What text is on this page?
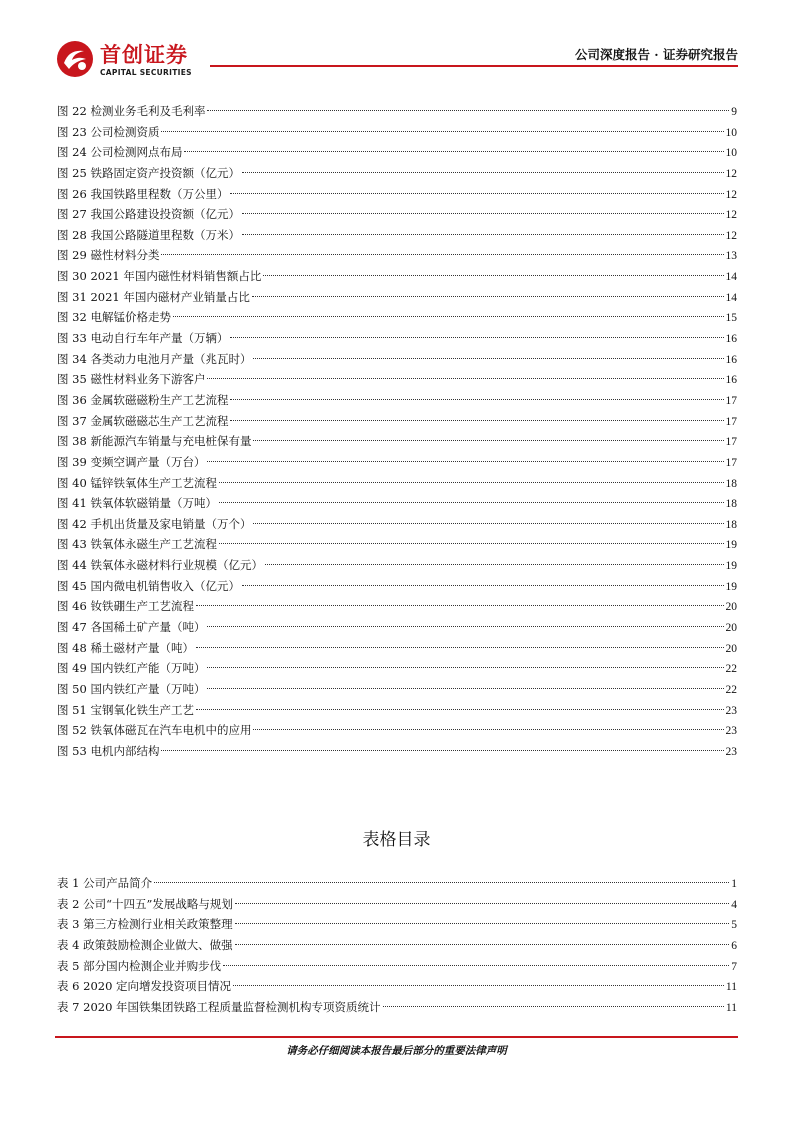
首创证券
CAPITAL SECURITIES
公司深度报告 · 证券研究报告
图 22 检测业务毛利及毛利率	9
图 23 公司检测资质	10
图 24 公司检测网点布局	10
图 25 铁路固定资产投资额（亿元）	12
图 26 我国铁路里程数（万公里）	12
图 27 我国公路建设投资额（亿元）	12
图 28 我国公路隧道里程数（万米）	12
图 29 磁性材料分类	13
图 30 2021 年国内磁性材料销售额占比	14
图 31 2021 年国内磁材产业销量占比	14
图 32 电解锰价格走势	15
图 33 电动自行车年产量（万辆）	16
图 34 各类动力电池月产量（兆瓦时）	16
图 35 磁性材料业务下游客户	16
图 36 金属软磁磁粉生产工艺流程	17
图 37 金属软磁磁芯生产工艺流程	17
图 38 新能源汽车销量与充电桩保有量	17
图 39 变频空调产量（万台）	17
图 40 锰锌铁氧体生产工艺流程	18
图 41 铁氧体软磁销量（万吨）	18
图 42 手机出货量及家电销量（万个）	18
图 43 铁氧体永磁生产工艺流程	19
图 44 铁氧体永磁材料行业规模（亿元）	19
图 45 国内微电机销售收入（亿元）	19
图 46 钕铁硼生产工艺流程	20
图 47 各国稀土矿产量（吨）	20
图 48 稀土磁材产量（吨）	20
图 49 国内铁红产能（万吨）	22
图 50 国内铁红产量（万吨）	22
图 51 宝钢氧化铁生产工艺	23
图 52 铁氧体磁瓦在汽车电机中的应用	23
图 53 电机内部结构	23
表格目录
表 1 公司产品简介	1
表 2 公司“十四五”发展战略与规划	4
表 3 第三方检测行业相关政策整理	5
表 4 政策鼓励检测企业做大、做强	6
表 5 部分国内检测企业并购步伐	7
表 6 2020 定向增发投资项目情况	11
表 7 2020 年国铁集团铁路工程质量监督检测机构专项资质统计	11
请务必仔细阅读本报告最后部分的重要法律声明
